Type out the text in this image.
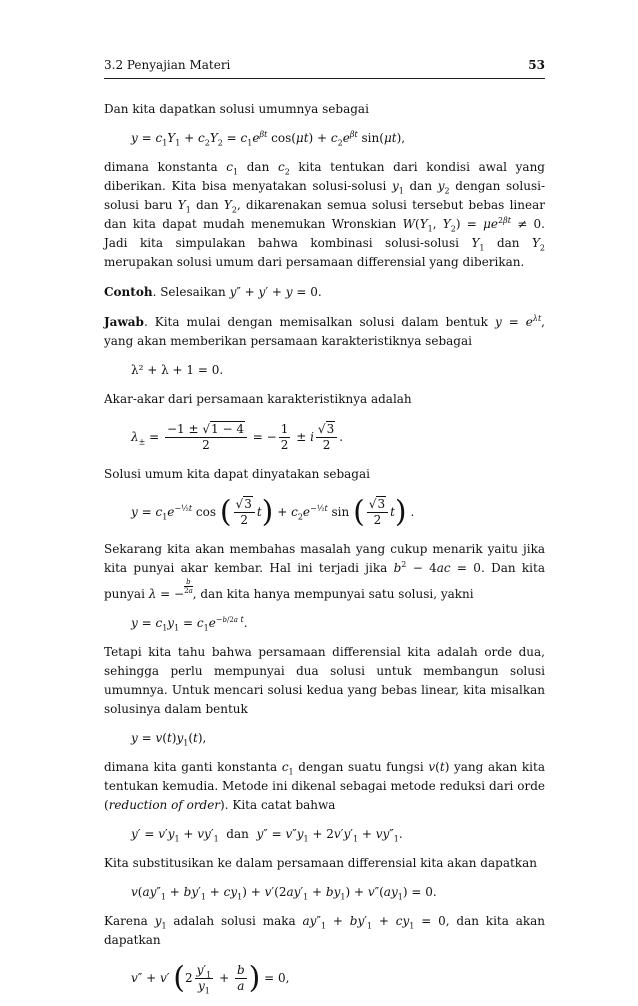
3.2 Penyajian Materi	53

Dan kita dapatkan solusi umumnya sebagai

$y = c_1Y_1 + c_2Y_2 = c_1e^{\beta t}$ $\cos(\mu t) + c_2e^{\beta t}$ sin(μt),

dimana konstanta $c_1$ dan $c_2$ kita tentukan dari kondisi awal yang diberikan. Kita bisa menyatakan solusi-solusi $y_1$ dan $y_2$ dengan solusi-solusi baru $Y_1$ dan $Y_2$, dikarenakan semua solusi tersebut bebas linear dan kita dapat mudah menemukan Wronskian $W(Y_1$, $Y_2) = \mu e^{2\beta t} \ne 0$. Jadi kita simpulakan bahwa kombinasi solusi-solusi $Y_1$ dan $Y_2$ merupakan solusi umum dari persamaan differensial yang diberikan.

Contoh. Selesaikan y″ + y′ + y = 0.

Jawab. Kita mulai dengan memisalkan solusi dalam bentuk $y = e^{\lambda t}$, yang akan memberikan persamaan karakteristiknya sebagai

λ² + λ + 1 = 0.

Akar-akar dari persamaan karakteristiknya adalah

$\lambda_\pm = \frac{-1 \pm √1 - 4}{2}$ = − $\frac{1}{2} \pm i \frac{√3}{2}$ .

Solusi umum kita dapat dinyatakan sebagai

$y = c_1e^{-\frac{1}{2}t}$ cos ( $\frac{√3}{2} t) + c_2e^{-\frac{1}{2}t}$ sin ( $\frac{√3}{2} t$) .

Sekarang kita akan membahas masalah yang cukup menarik yaitu jika kita punyai akar kembar. Hal ini terjadi jika $b^2 - 4ac = 0$. Dan kita punyai λ = − $\frac{b}{2a}$ , dan kita hanya mempunyai satu solusi, yakni

$y = c_1y_1 = c_1e^{-b/2a t}$.

Tetapi kita tahu bahwa persamaan differensial kita adalah orde dua, sehingga perlu mempunyai dua solusi untuk membangun solusi umumnya. Untuk mencari solusi kedua yang bebas linear, kita misalkan solusinya dalam bentuk

$y = v(t)y_1(t)$,

dimana kita ganti konstanta $c_1$ dengan suatu fungsi v(t) yang akan kita tentukan kemudia. Metode ini dikenal sebagai metode reduksi dari orde (reduction of order). Kita catat bahwa

$y' = v'y_1 + vy'_1$  dan  $y'' = v''y_1 + 2v'y'_1 + vy''_1$.

Kita substitusikan ke dalam persamaan differensial kita akan dapatkan

$v(ay''_1 + by'_1 + cy_1) + v'(2ay'_1 + by_1) + v''(ay_1) = 0$.

Karena $y_1$ adalah solusi maka $ay''_1 + by'_1 + cy_1 = 0$, dan kita akan dapatkan

v″ + v′ ($2 \frac{y'_1}{y_1} + \frac{b}{a}$ ) = 0,
